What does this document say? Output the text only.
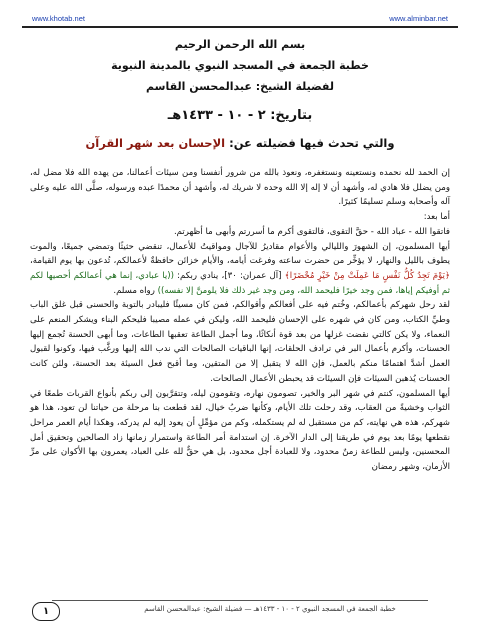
www.khotab.net	www.alminbar.net
بسم الله الرحمن الرحيم
خطبة الجمعة في المسجد النبوي بالمدينة النبوية
لفضيلة الشيخ: عبدالمحسن القاسم
بتاريخ: ٢ - ١٠ - ١٤٣٣هـ
والتي تحدث فيها فضيلته عن: الإحسان بعد شهر القرآن

إن الحمد لله نحمده ونستعينه ونستغفره، ونعوذ بالله من شرور أنفسنا ومن سيئات أعمالنا، من يهده الله فلا مضل له، ومن يضلل فلا هادي له، وأشهد أن لا إله إلا الله وحده لا شريك له، وأشهد أن محمدًا عبده ورسوله، صلَّى الله عليه وعلى آله وأصحابه وسلم تسليمًا كثيرًا.

أما بعد:

فاتقوا الله - عباد الله - حقَّ التقوى، فالتقوى أكرم ما أسررتم وأبهى ما أظهرتم.

أيها المسلمون، إن الشهورَ والليالي والأعوام مقاديرُ للآجال ومواقيتُ للأعمال، تنقضي حثيثًا وتمضي جميعًا، والموت يطوف بالليل والنهار، لا يؤخِّر من حضرت ساعته وفرغت أيامه، والأيام خزائن حافظةٌ لأعمالكم، تُدعون بها يوم القيامة، ﴿يَوْمَ تَجِدُ كُلُّ نَفْسٍ مَا عَمِلَتْ مِنْ خَيْرٍ مُحْضَرًا﴾ [آل عمران: ٣٠]، ينادي ربكم: ((يا عبادي، إنما هي أعمالكم أحصيها لكم ثم أوفيكم إياها، فمن وجد خيرًا فليحمد الله، ومن وجد غير ذلك فلا يلومنَّ إلا نفسه)) رواه مسلم.

لقد رحل شهركم بأعمالكم، وخُتم فيه على أفعالكم وأقوالكم، فمن كان مسيئًا فليبادر بالتوبة والحسنى قبل غلق الباب وطيِّ الكتاب، ومن كان في شهره على الإحسان فليحمد الله، وليكن في عمله مصيبا فليحكم البناء ويشكر المنعم على النعماء، ولا يكن كالتي نقضت غزلها من بعد قوة أنكاثًا، وما أجمل الطاعة تعقبها الطاعات، وما أبهى الحسنة تُجمع إليها الحسنات، وأكرم بأعمال البر في ترادف الحلقات، إنها الباقيات الصالحات التي ندب الله إليها ورغَّب فيها، وكونوا لقبول العمل أشدَّ اهتمامًا منكم بالعمل، فإن الله لا يتقبل إلا من المتقين، وما أقبح فعل السيئة بعد الحسنة، ولئن كانت الحسنات يُذهبن السيئات فإن السيئات قد يحبطن الأعمال الصالحات.

أيها المسلمون، كنتم في شهر البر والخير، تصومون نهاره، وتقومون ليله، وتتقرَّبون إلى ربكم بأنواع القربات طمعًا في الثواب وخشيةً من العقاب، وقد رحلت تلك الأيام، وكأنها ضربُ خيال، لقد قطعت بنا مرحلة من حياتنا لن تعود، هذا هو شهركم، هذه هي نهايته، كم من مستقبل له لم يستكمله، وكم من مؤمِّلٍ أن يعود إليه لم يدركه، وهكذا أيام العمر مراحل نقطعها يومًا بعد يوم في طريقنا إلى الدار الآخرة. إن استدامة أمر الطاعة واستمرار زمانها زاد الصالحين وتحقيق أمل المحسنين، وليس للطاعة زمنٌ محدود، ولا للعبادة أجل محدود، بل هي حقٌّ لله على العباد، يعمرون بها الأكوان على مرِّ الأزمان، وشهر رمضان

خطبة الجمعة في المسجد النبوي ٢ - ١٠ - ١٤٣٣هـ — فضيلة الشيخ: عبدالمحسن القاسم
١
